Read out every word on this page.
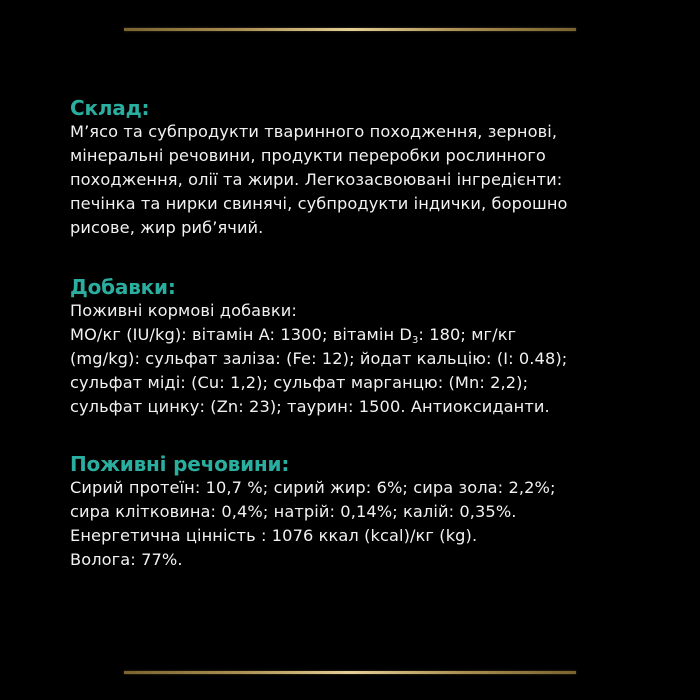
Склад:
М’ясо та субпродукти тваринного походження, зернові,
мінеральні речовини, продукти переробки рослинного
походження, олії та жири. Легкозасвоювані інгредієнти:
печінка та нирки свинячі, субпродукти індички, борошно
рисове, жир риб’ячий.
Добавки:
Поживні кормові добавки:
МО/кг (IU/kg): вітамін A: 1300; вітамін $D_3$: 180; мг/кг
(mg/kg): сульфат заліза: (Fe: 12); йодат кальцію: (I: 0.48);
сульфат міді: (Cu: 1,2); сульфат марганцю: (Mn: 2,2);
сульфат цинку: (Zn: 23); таурин: 1500. Антиоксиданти.
Поживні речовини:
Сирий протеїн: 10,7 %; сирий жир: 6%; сира зола: 2,2%;
сира клітковина: 0,4%; натрій: 0,14%; калій: 0,35%.
Енергетична цінність : 1076 ккал (kcal)/кг (kg).
Волога: 77%.
